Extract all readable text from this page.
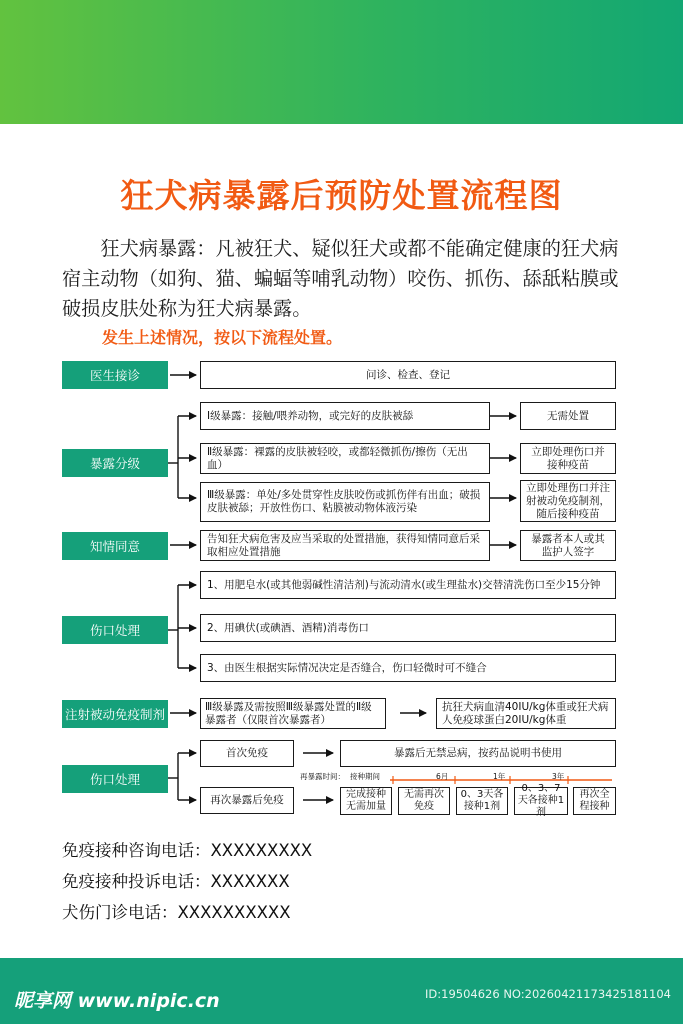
狂犬病暴露后预防处置流程图
狂犬病暴露：凡被狂犬、疑似狂犬或都不能确定健康的狂犬病宿主动物（如狗、猫、蝙蝠等哺乳动物）咬伤、抓伤、舔舐粘膜或破损皮肤处称为狂犬病暴露。
发生上述情况，按以下流程处置。
医生接诊	问诊、检查、登记
暴露分级
Ⅰ级暴露：接触/喂养动物，或完好的皮肤被舔	无需处置
Ⅱ级暴露：裸露的皮肤被轻咬，或都轻微抓伤/擦伤（无出血）
立即处理伤口并接种疫苗
Ⅲ级暴露：单处/多处贯穿性皮肤咬伤或抓伤伴有出血；破损皮肤被舔；开放性伤口、粘膜被动物体液污染
立即处理伤口并注射被动免疫制剂，随后接种疫苗
知情同意
告知狂犬病危害及应当采取的处置措施，获得知情同意后采取相应处置措施
暴露者本人或其监护人签字
伤口处理
1、用肥皂水(或其他弱碱性清洁剂)与流动清水(或生理盐水)交替清洗伤口至少15分钟
2、用碘伏(或碘酒、酒精)消毒伤口
3、由医生根据实际情况决定是否缝合，伤口轻微时可不缝合
注射被动免疫制剂
Ⅲ级暴露及需按照Ⅲ级暴露处置的Ⅱ级暴露者（仅限首次暴露者）
抗狂犬病血清40IU/kg体重或狂犬病人免疫球蛋白20IU/kg体重
伤口处理
首次免疫	暴露后无禁忌病，按药品说明书使用
再次暴露后免疫
再暴露时间： 接种期间	6月	1年	3年
完成接种无需加量
无需再次免疫
0、3天各接种1剂
0、3、7天各接种1剂
再次全程接种
免疫接种咨询电话：XXXXXXXXX
免疫接种投诉电话：XXXXXXX
犬伤门诊电话：XXXXXXXXXX
昵享网 www.nipic.cn	ID:19504626 NO:20260421173425181104
